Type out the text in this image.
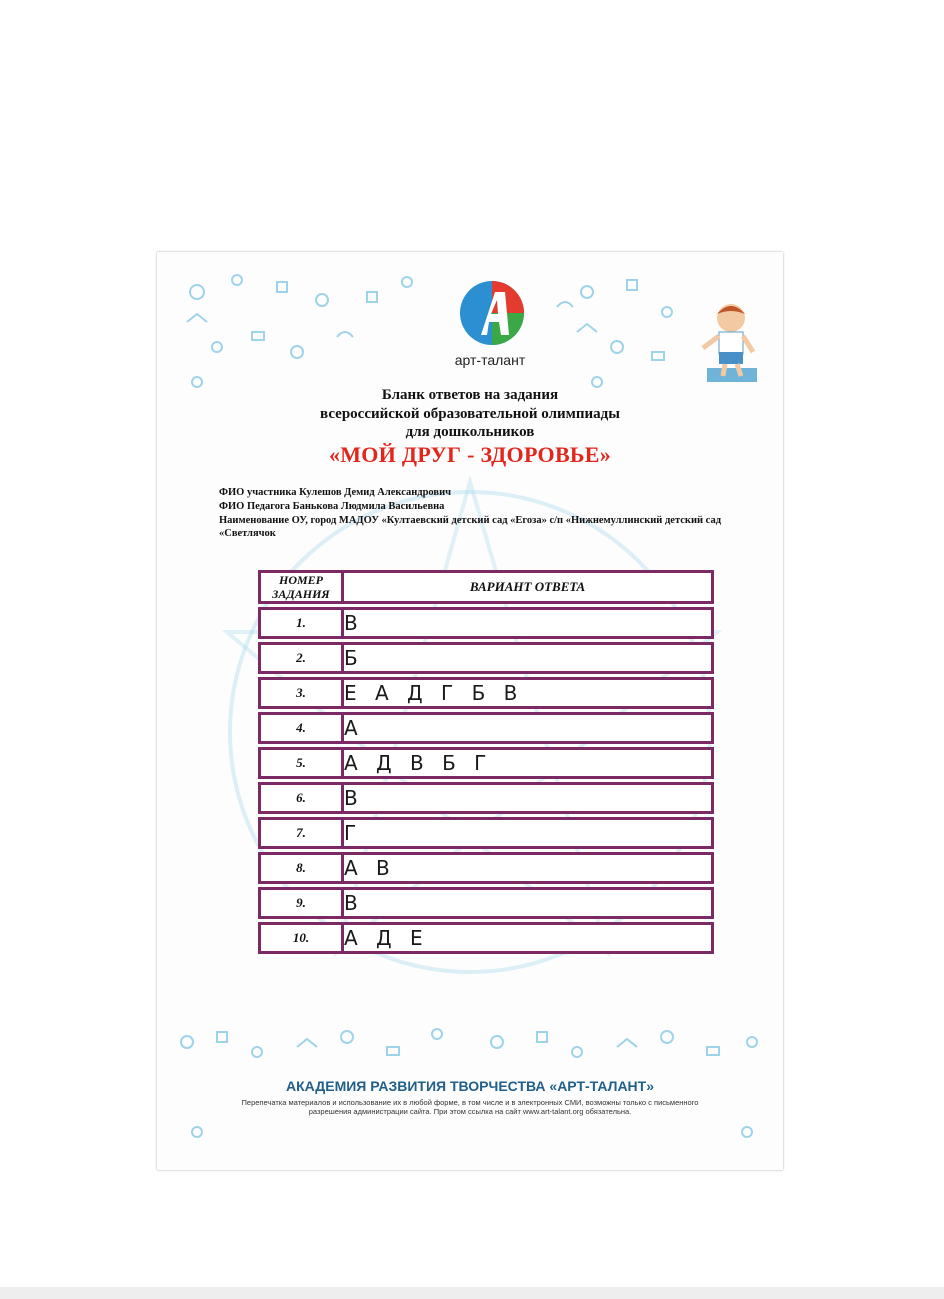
арт-талант
Бланк ответов на задания
всероссийской образовательной олимпиады
для дошкольников
«МОЙ ДРУГ - ЗДОРОВЬЕ»
ФИО участника Кулешов Демид Александрович
ФИО Педагога Банькова Людмила Васильевна
Наименование ОУ, город МАДОУ «Култаевский детский сад «Егоза» с/п «Нижнемуллинский детский сад «Светлячок
НОМЕР ЗАДАНИЯ	ВАРИАНТ ОТВЕТА
1.	В
2.	Б
3.	Е А Д Г Б В
4.	А
5.	А Д В Б Г
6.	В
7.	Г
8.	А В
9.	В
10.	А Д Е
АКАДЕМИЯ РАЗВИТИЯ ТВОРЧЕСТВА «АРТ-ТАЛАНТ»
Перепечатка материалов и использование их в любой форме, в том числе и в электронных СМИ, возможны только с письменного разрешения администрации сайта. При этом ссылка на сайт www.art-talant.org обязательна.
